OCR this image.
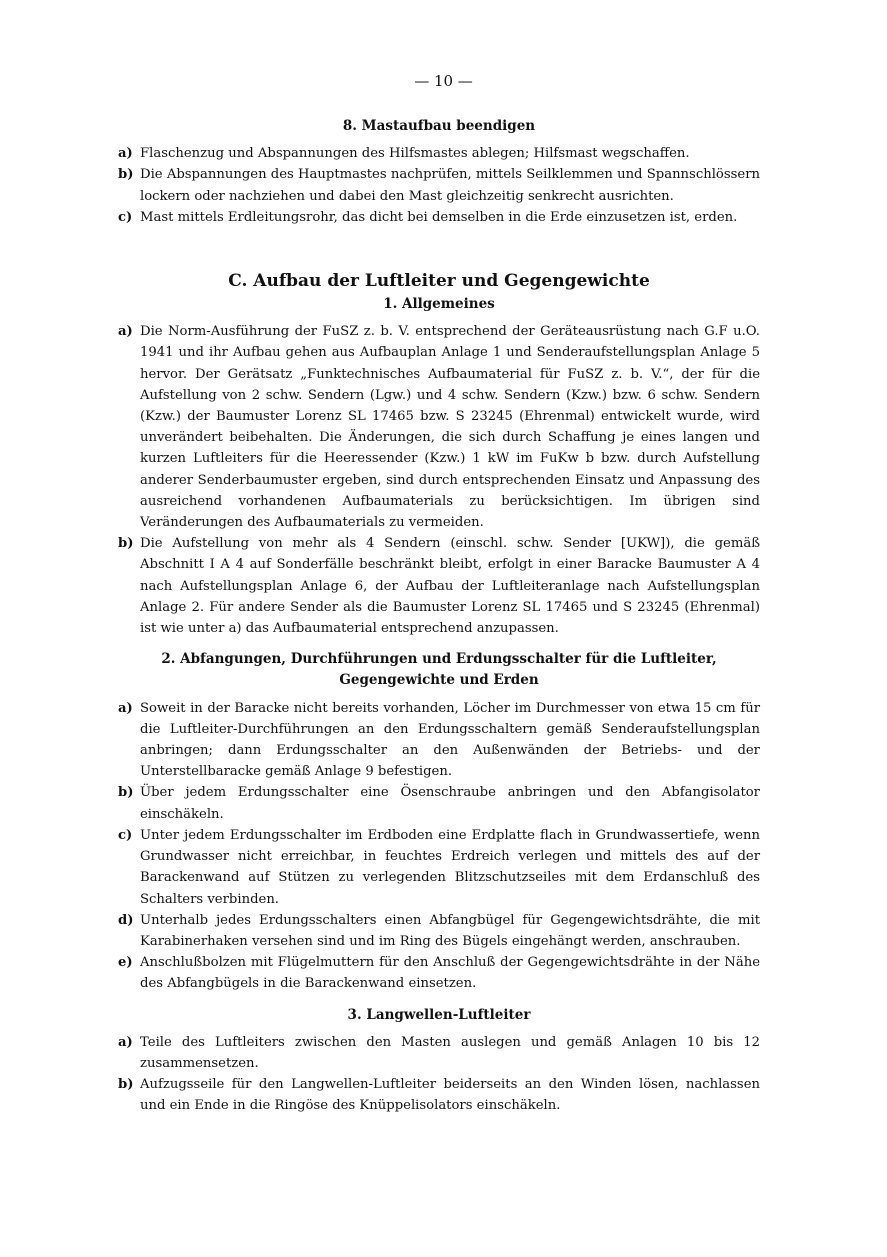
— 10 —

8. Mastaufbau beendigen

a) Flaschenzug und Abspannungen des Hilfsmastes ablegen; Hilfsmast wegschaffen.

b) Die Abspannungen des Hauptmastes nachprüfen, mittels Seilklemmen und Spannschlössern lockern oder nachziehen und dabei den Mast gleichzeitig senkrecht ausrichten.

c) Mast mittels Erdleitungsrohr, das dicht bei demselben in die Erde einzusetzen ist, erden.

C. Aufbau der Luftleiter und Gegengewichte

1. Allgemeines

a) Die Norm-Ausführung der FuSZ z. b. V. entsprechend der Geräteausrüstung nach G.F u.O. 1941 und ihr Aufbau gehen aus Aufbauplan Anlage 1 und Senderaufstellungsplan Anlage 5 hervor. Der Gerätsatz „Funktechnisches Aufbaumaterial für FuSZ z. b. V.“, der für die Aufstellung von 2 schw. Sendern (Lgw.) und 4 schw. Sendern (Kzw.) bzw. 6 schw. Sendern (Kzw.) der Baumuster Lorenz SL 17465 bzw. S 23245 (Ehrenmal) entwickelt wurde, wird unverändert beibehalten. Die Änderungen, die sich durch Schaffung je eines langen und kurzen Luftleiters für die Heeressender (Kzw.) 1 kW im FuKw b bzw. durch Aufstellung anderer Senderbaumuster ergeben, sind durch entsprechenden Einsatz und Anpassung des ausreichend vorhandenen Aufbaumaterials zu berücksichtigen. Im übrigen sind Veränderungen des Aufbaumaterials zu vermeiden.

b) Die Aufstellung von mehr als 4 Sendern (einschl. schw. Sender [UKW]), die gemäß Abschnitt I A 4 auf Sonderfälle beschränkt bleibt, erfolgt in einer Baracke Baumuster A 4 nach Aufstellungsplan Anlage 6, der Aufbau der Luftleiteranlage nach Aufstellungsplan Anlage 2. Für andere Sender als die Baumuster Lorenz SL 17465 und S 23245 (Ehrenmal) ist wie unter a) das Aufbaumaterial entsprechend anzupassen.

2. Abfangungen, Durchführungen und Erdungsschalter für die Luftleiter,

Gegengewichte und Erden

a) Soweit in der Baracke nicht bereits vorhanden, Löcher im Durchmesser von etwa 15 cm für die Luftleiter-Durchführungen an den Erdungsschaltern gemäß Senderaufstellungsplan anbringen; dann Erdungsschalter an den Außenwänden der Betriebs- und der Unterstellbaracke gemäß Anlage 9 befestigen.

b) Über jedem Erdungsschalter eine Ösenschraube anbringen und den Abfangisolator einschäkeln.

c) Unter jedem Erdungsschalter im Erdboden eine Erdplatte flach in Grundwassertiefe, wenn Grundwasser nicht erreichbar, in feuchtes Erdreich verlegen und mittels des auf der Barackenwand auf Stützen zu verlegenden Blitzschutzseiles mit dem Erdanschluß des Schalters verbinden.

d) Unterhalb jedes Erdungsschalters einen Abfangbügel für Gegengewichtsdrähte, die mit Karabinerhaken versehen sind und im Ring des Bügels eingehängt werden, anschrauben.

e) Anschlußbolzen mit Flügelmuttern für den Anschluß der Gegengewichtsdrähte in der Nähe des Abfangbügels in die Barackenwand einsetzen.

3. Langwellen-Luftleiter

a) Teile des Luftleiters zwischen den Masten auslegen und gemäß Anlagen 10 bis 12 zusammensetzen.

b) Aufzugsseile für den Langwellen-Luftleiter beiderseits an den Winden lösen, nachlassen und ein Ende in die Ringöse des Knüppelisolators einschäkeln.
